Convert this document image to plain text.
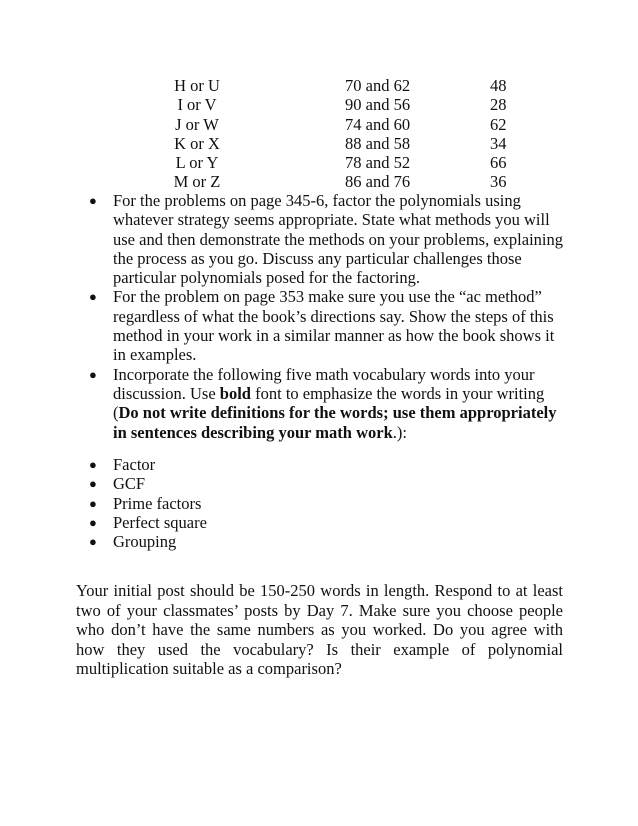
H or U	70 and 62	48
I or V	90 and 56	28
J or W	74 and 60	62
K or X	88 and 58	34
L or Y	78 and 52	66
M or Z	86 and 76	36
● For the problems on page 345-6, factor the polynomials using whatever strategy seems appropriate. State what methods you will use and then demonstrate the methods on your problems, explaining the process as you go. Discuss any particular challenges those particular polynomials posed for the factoring.
● For the problem on page 353 make sure you use the “ac method” regardless of what the book’s directions say. Show the steps of this method in your work in a similar manner as how the book shows it in examples.
● Incorporate the following five math vocabulary words into your discussion. Use bold font to emphasize the words in your writing (Do not write definitions for the words; use them appropriately in sentences describing your math work.):
● Factor
● GCF
● Prime factors
● Perfect square
● Grouping

Your initial post should be 150-250 words in length. Respond to at least two of your classmates’ posts by Day 7. Make sure you choose people who don’t have the same numbers as you worked. Do you agree with how they used the vocabulary? Is their example of polynomial multiplication suitable as a comparison?
